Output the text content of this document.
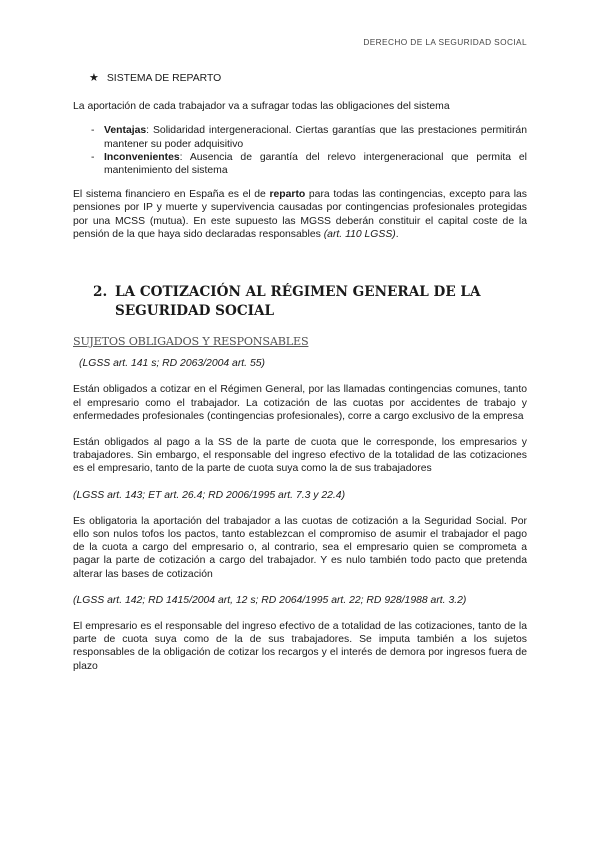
DERECHO DE LA SEGURIDAD SOCIAL
★ SISTEMA DE REPARTO

La aportación de cada trabajador va a sufragar todas las obligaciones del sistema

- Ventajas: Solidaridad intergeneracional. Ciertas garantías que las prestaciones permitirán mantener su poder adquisitivo
- Inconvenientes: Ausencia de garantía del relevo intergeneracional que permita el mantenimiento del sistema

El sistema financiero en España es el de reparto para todas las contingencias, excepto para las pensiones por IP y muerte y supervivencia causadas por contingencias profesionales protegidas por una MCSS (mutua). En este supuesto las MGSS deberán constituir el capital coste de la pensión de la que haya sido declaradas responsables (art. 110 LGSS).

2. LA COTIZACIÓN AL RÉGIMEN GENERAL DE LA SEGURIDAD SOCIAL
SUJETOS OBLIGADOS Y RESPONSABLES

(LGSS art. 141 s; RD 2063/2004 art. 55)

Están obligados a cotizar en el Régimen General, por las llamadas contingencias comunes, tanto el empresario como el trabajador. La cotización de las cuotas por accidentes de trabajo y enfermedades profesionales (contingencias profesionales), corre a cargo exclusivo de la empresa

Están obligados al pago a la SS de la parte de cuota que le corresponde, los empresarios y trabajadores. Sin embargo, el responsable del ingreso efectivo de la totalidad de las cotizaciones es el empresario, tanto de la parte de cuota suya como la de sus trabajadores

(LGSS art. 143; ET art. 26.4; RD 2006/1995 art. 7.3 y 22.4)

Es obligatoria la aportación del trabajador a las cuotas de cotización a la Seguridad Social. Por ello son nulos tofos los pactos, tanto establezcan el compromiso de asumir el trabajador el pago de la cuota a cargo del empresario o, al contrario, sea el empresario quien se comprometa a pagar la parte de cotización a cargo del trabajador. Y es nulo también todo pacto que pretenda alterar las bases de cotización

(LGSS art. 142; RD 1415/2004 art, 12 s; RD 2064/1995 art. 22; RD 928/1988 art. 3.2)

El empresario es el responsable del ingreso efectivo de a totalidad de las cotizaciones, tanto de la parte de cuota suya como de la de sus trabajadores. Se imputa también a los sujetos responsables de la obligación de cotizar los recargos y el interés de demora por ingresos fuera de plazo
